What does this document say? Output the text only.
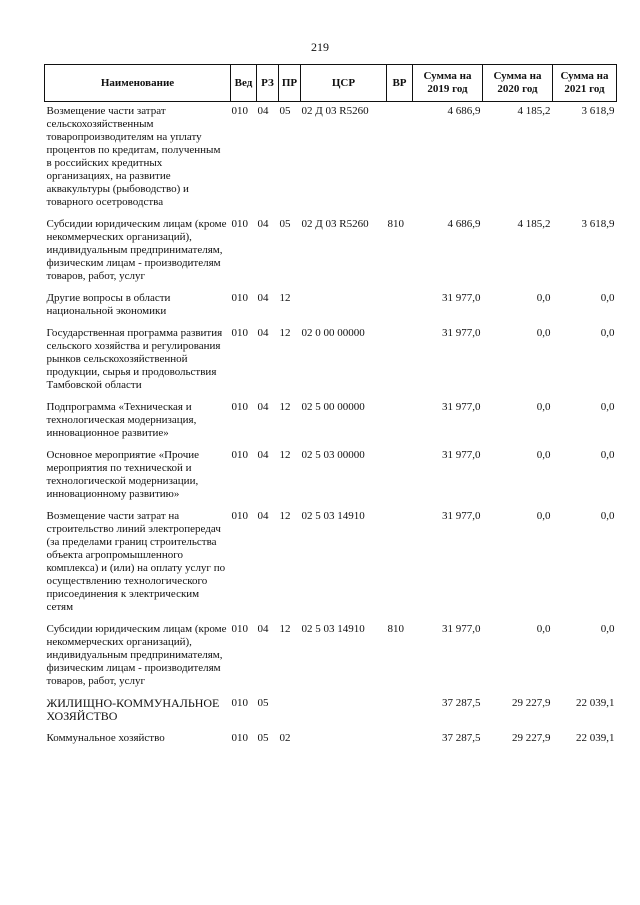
219
Наименование	Вед	РЗ	ПР	ЦСР	ВР	Сумма на 2019 год	Сумма на 2020 год	Сумма на 2021 год
Возмещение части затрат сельскохозяйственным товаропроизводителям на уплату процентов по кредитам, полученным в российских кредитных организациях, на развитие аквакультуры (рыбоводство) и товарного осетроводства	010	04	05	02 Д 03 R5260		4 686,9	4 185,2	3 618,9
Субсидии юридическим лицам (кроме некоммерческих организаций), индивидуальным предпринимателям, физическим лицам - производителям товаров, работ, услуг	010	04	05	02 Д 03 R5260	810	4 686,9	4 185,2	3 618,9
Другие вопросы в области национальной экономики	010	04	12			31 977,0	0,0	0,0
Государственная программа развития сельского хозяйства и регулирования рынков сельскохозяйственной продукции, сырья и продовольствия Тамбовской области	010	04	12	02 0 00 00000		31 977,0	0,0	0,0
Подпрограмма «Техническая и технологическая модернизация, инновационное развитие»	010	04	12	02 5 00 00000		31 977,0	0,0	0,0
Основное мероприятие «Прочие мероприятия по технической и технологической модернизации, инновационному развитию»	010	04	12	02 5 03 00000		31 977,0	0,0	0,0
Возмещение части затрат на строительство линий электропередач (за пределами границ строительства объекта агропромышленного комплекса) и (или) на оплату услуг по осуществлению технологического присоединения к электрическим сетям	010	04	12	02 5 03 14910		31 977,0	0,0	0,0
Субсидии юридическим лицам (кроме некоммерческих организаций), индивидуальным предпринимателям, физическим лицам - производителям товаров, работ, услуг	010	04	12	02 5 03 14910	810	31 977,0	0,0	0,0
ЖИЛИЩНО-КОММУНАЛЬНОЕ ХОЗЯЙСТВО	010	05				37 287,5	29 227,9	22 039,1
Коммунальное хозяйство	010	05	02			37 287,5	29 227,9	22 039,1
